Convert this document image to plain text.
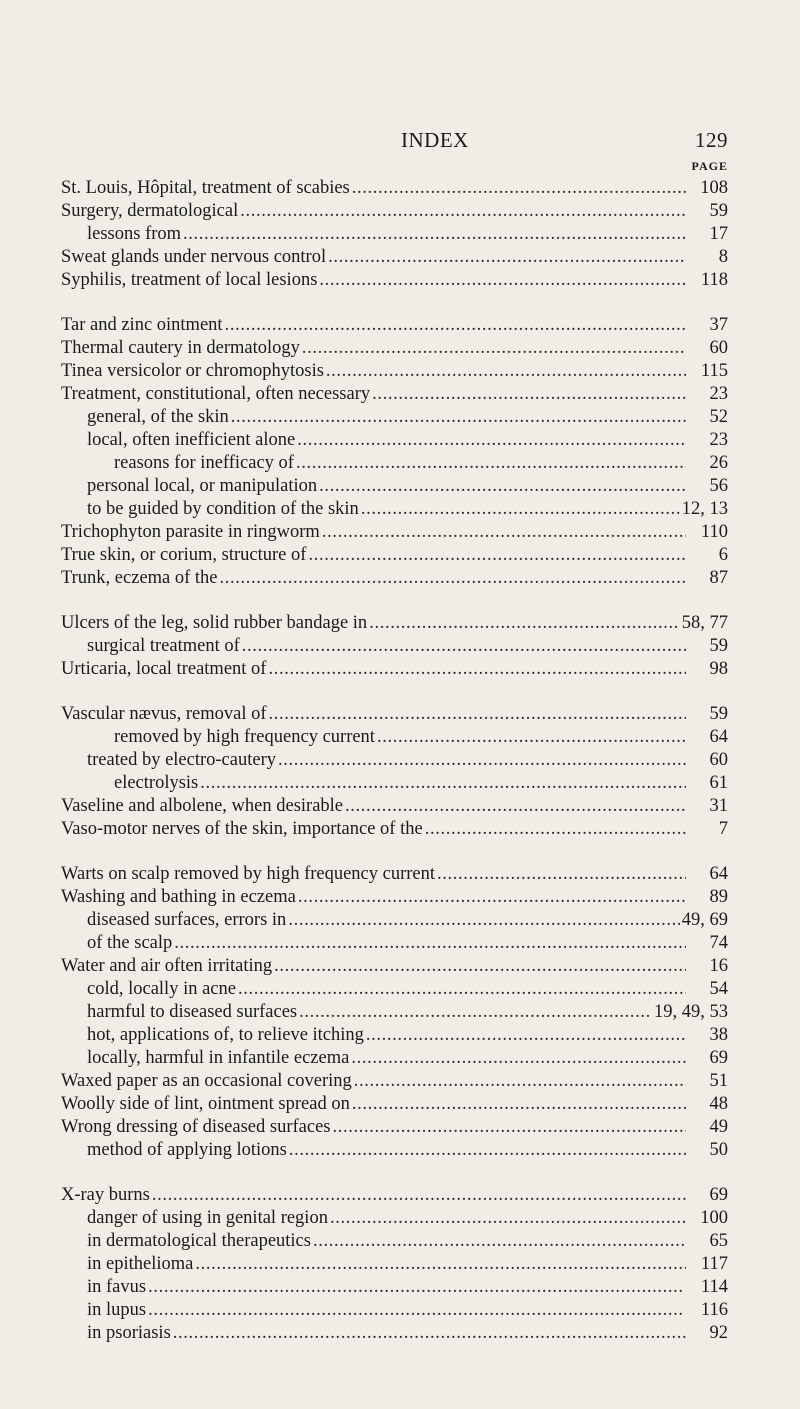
INDEX	129
PAGE
St. Louis, Hôpital, treatment of scabies . . .	108
Surgery, dermatological . . .	59
lessons from . . .	17
Sweat glands under nervous control . . .	8
Syphilis, treatment of local lesions . . .	118
Tar and zinc ointment . . .	37
Thermal cautery in dermatology . . .	60
Tinea versicolor or chromophytosis . . .	115
Treatment, constitutional, often necessary . . .	23
general, of the skin . . .	52
local, often inefficient alone . . .	23
reasons for inefficacy of . . .	26
personal local, or manipulation . . .	56
to be guided by condition of the skin . . .	12, 13
Trichophyton parasite in ringworm . . .	110
True skin, or corium, structure of . . .	6
Trunk, eczema of the . . .	87
Ulcers of the leg, solid rubber bandage in . . .	58, 77
surgical treatment of . . .	59
Urticaria, local treatment of . . .	98
Vascular nævus, removal of . . .	59
removed by high frequency current . . .	64
treated by electro-cautery . . .	60
electrolysis . . .	61
Vaseline and albolene, when desirable . . .	31
Vaso-motor nerves of the skin, importance of the . . .	7
Warts on scalp removed by high frequency current . . .	64
Washing and bathing in eczema . . .	89
diseased surfaces, errors in . . .	49, 69
of the scalp . . .	74
Water and air often irritating . . .	16
cold, locally in acne . . .	54
harmful to diseased surfaces . . .	19, 49, 53
hot, applications of, to relieve itching . . .	38
locally, harmful in infantile eczema . . .	69
Waxed paper as an occasional covering . . .	51
Woolly side of lint, ointment spread on . . .	48
Wrong dressing of diseased surfaces . . .	49
method of applying lotions . . .	50
X-ray burns . . .	69
danger of using in genital region . . .	100
in dermatological therapeutics . . .	65
in epithelioma . . .	117
in favus . . .	114
in lupus . . .	116
in psoriasis . . .	92
